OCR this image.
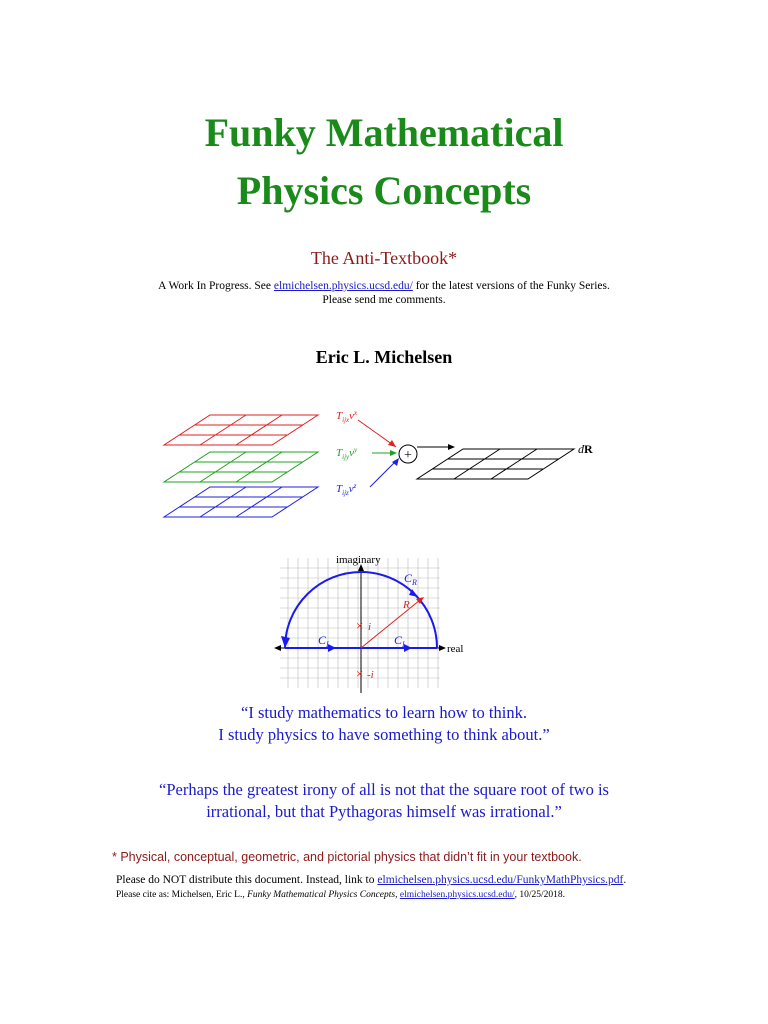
Funky Mathematical
Physics Concepts
The Anti-Textbook*
A Work In Progress. See elmichelsen.physics.ucsd.edu/ for the latest versions of the Funky Series.
Please send me comments.
Eric L. Michelsen
$T_{ijx}v^x$
$T_{ijy}v^y$
$T_{ijz}v^z$
+	dR
imaginary
real
$C_R$
R
$C_I$	$C_I$
× i
× -i
“I study mathematics to learn how to think.
I study physics to have something to think about.”
“Perhaps the greatest irony of all is not that the square root of two is
irrational, but that Pythagoras himself was irrational.”
* Physical, conceptual, geometric, and pictorial physics that didn’t fit in your textbook.
Please do NOT distribute this document. Instead, link to elmichelsen.physics.ucsd.edu/FunkyMathPhysics.pdf.
Please cite as: Michelsen, Eric L., Funky Mathematical Physics Concepts, elmichelsen.physics.ucsd.edu/, 10/25/2018.
